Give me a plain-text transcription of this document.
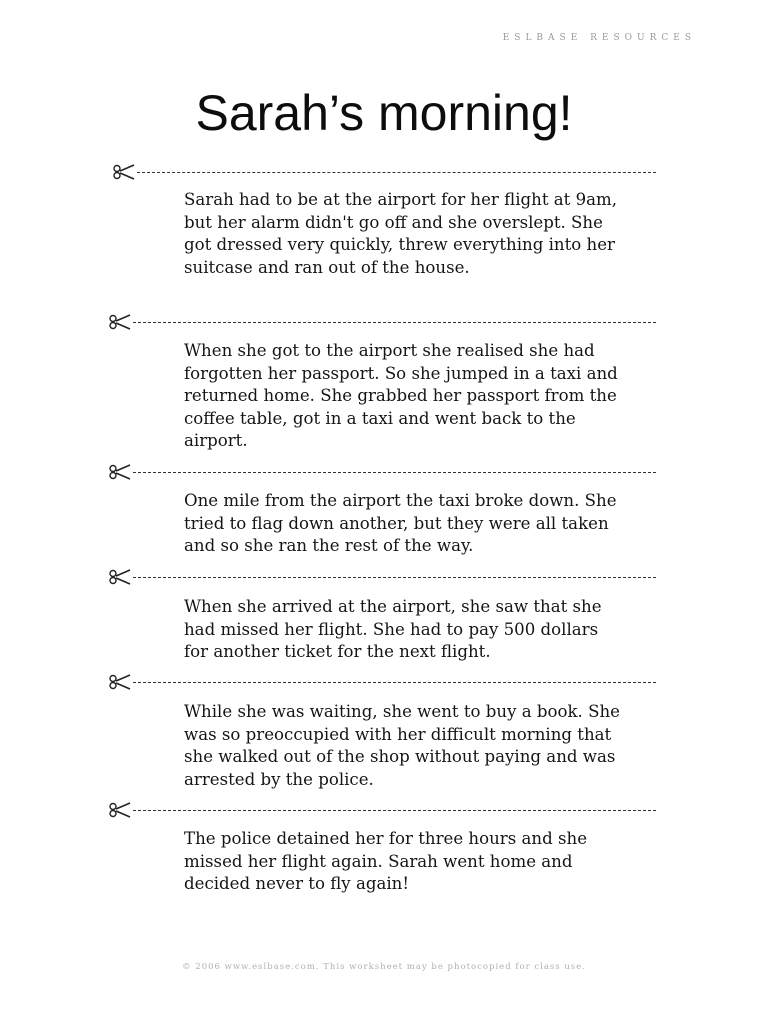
ESLBASE RESOURCES
Sarah’s morning!

Sarah had to be at the airport for her flight at 9am, but her alarm didn't go off and she overslept. She got dressed very quickly, threw everything into her suitcase and ran out of the house.

When she got to the airport she realised she had forgotten her passport. So she jumped in a taxi and returned home. She grabbed her passport from the coffee table, got in a taxi and went back to the airport.

One mile from the airport the taxi broke down. She tried to flag down another, but they were all taken and so she ran the rest of the way.

When she arrived at the airport, she saw that she had missed her flight. She had to pay 500 dollars for another ticket for the next flight.

While she was waiting, she went to buy a book. She was so preoccupied with her difficult morning that she walked out of the shop without paying and was arrested by the police.

The police detained her for three hours and she missed her flight again. Sarah went home and decided never to fly again!

© 2006 www.eslbase.com. This worksheet may be photocopied for class use.
